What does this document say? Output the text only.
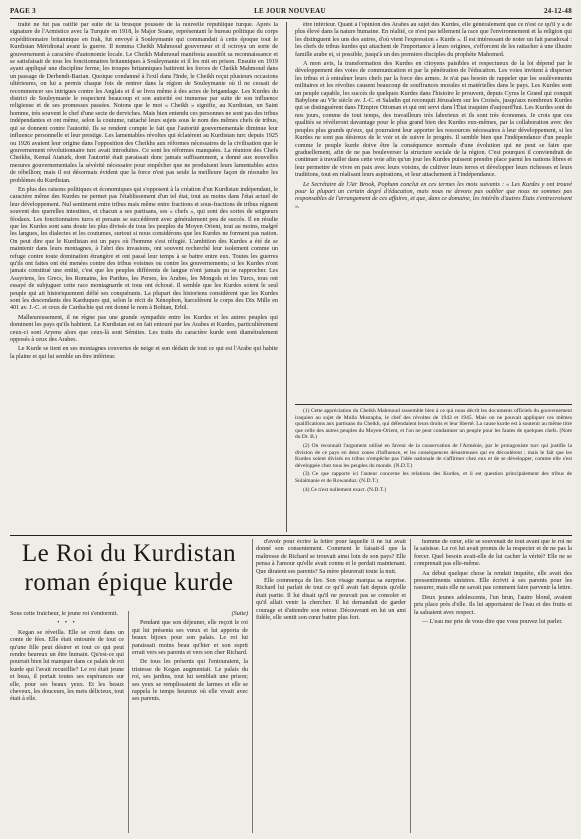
PAGE 3	LE JOUR NOUVEAU	24-12-48

traité ne fut pas ratifié par suite de la brusque poussée de la nouvelle république turque. Après la signature de l'Armistice avec la Turquie en 1918, le Major Soane, représentant le bureau politique du corps expéditionnaire britannique en Irak, fut envoyé à Souleymanie qui commandait à cette époque tout le Kurdistan Méridional avant la guerre. Il nomma Cheikh Mahmoud gouverneur et il octroya un sorte de gouvernement à caractère d'autonomie locale. Le Cheikh Mahmoud manifesta aussitôt sa reconnaissance et se satisfaisait de tous les fonctionnaires britanniques à Souleymanie et il les mit en prison. Ensuite en 1919 ayant appliqué une discipline ferme, les troupes britanniques battirent les forces de Cheikh Mahmoud dans un passage de Derbendi-Bazian. Quoique condamné à l'exil dans l'Inde, le Cheikh reçut plusieurs occasions ultérieures, on lui a permis chaque fois de rentrer dans la région de Souleymanie où il ne cessait de recommencer ses intrigues contre les Anglais et il se livra même à des actes de brigandage. Les Kurdes du district de Souleymanie le respectent beaucoup et son autorité est immense par suite de son influence religieuse et de ses promesses passées. Notons que le mot « Cheikh » signifie, au Kurdistan, un Saint homme, très souvent le chef d'une secte de derviches. Mais bien entendu ces personnes ne sont pas des tribus indépendantes et ont même, selon la coutume, rattaché leurs sujets sous le nom des mêmes chefs de tribus, qui se donnent contre l'autorité. Ils se rendent compte le fait que l'autorité gouvernementale diminue leur influence personnelle et leur prestige. Les lamentables révoltes qui éclatèrent au Kurdistan turc depuis 1925 ou 1926 avaient leur origine dans l'opposition des Cheikhs aux réformes nécessaires de la civilisation que le gouvernement révolutionnaire turc avait introduites. Ce sont les réformes manquées. La réunion des Chefs Cheikhs, Kemal Ataturk, dont l'autorité était paraissait donc jamais suffisamment, a donné aux nouvelles mesures gouvernementales la sévérité nécessaire pour empêcher que ne produisent leurs lamentables actes de rébellion; mais il est désormais évident que la force n'est pas seule la meilleure façon de résoudre les problèmes du Kurdistan.

En plus des raisons politiques et économiques qui s'opposent à la création d'un Kurdistan indépendant, le caractère même des Kurdes ne permet pas l'établissement d'un tel état, tout au moins dans l'état actuel de leur développement. Nul sentiment entre tribus mais même entre fractions et sous-fractions de tribus régnent souvent des querelles intestines, et chacun a ses partisans, ses « chefs », qui sont des sortes de seigneurs féodaux. Les fonctionnaires turcs et persans se succédèrent avec généralement peu de succès. Il en résulte que les Kurdes sont sans doute les plus divisés de tous les peuples du Moyen Orient, tout au moins, malgré les langues, les dialectes et les coutumes, surtout si nous considérons que les Kurdes ne forment pas nation. On peut dire que le Kurdistan est un pays où l'homme s'est réfugié. L'ambition des Kurdes a été de se maintenir dans leurs montagnes, à l'abri des invasions, ont souvent recherché leur isolement comme un refuge contre toute domination étrangère et ont passé leur temps à se battre entre eux. Toutes les guerres qu'ils ont faites ont été menées contre des tribus voisines ou contre les gouvernements; si les Kurdes n'ont jamais constitué une entité, c'est que les peuples différents de langue n'ont jamais pu se rapprocher. Les Assyriens, les Grecs, les Romains, les Parthes, les Perses, les Arabes, les Mongols et les Turcs, tous ont essayé de subjuguer cette race montagnarde et tous ont échoué. Il semble que les Kurdes soient le seul peuple qui ait historiquement défié ses conquérants. La plupart des historiens considèrent que les Kurdes sont les descendants des Karduques qui, selon le récit de Xénophon, harcelèrent le corps des Dix Mille en 401 av. J.-C. et ceux de Carduchie qui ont donné le nom à Bohtan, Erbil.

Malheureusement, il ne règne pas une grande sympathie entre les Kurdes et les autres peuples qui dominent les pays qu'ils habitent. Le Kurdistan est en fait entouré par les Arabes et Kurdes, particulièrement ceux-ci sont Aryens alors que ceux-là sont Sémites. Les traits du caractère kurde sont diamétralement opposés à ceux des Arabes.

Le Kurde se tient en ses montagnes couvertes de neige et son dédain de tout ce qui est l'Arabe qui habite la plaine et qui lui semble un être inférieur.

être inférieur. Quant à l'opinion des Arabes au sujet des Kurdes, elle généralement que ce n'est ce qu'il y a de plus élevé dans la nature humaine. En réalité, ce n'est pas tellement la race que l'environnement et la religion qui les distinguent les uns des autres, d'où vient l'expression « Kurde ». Il est intéressant de noter un fait paradoxal : les chefs de tribus kurdes qui attachent de l'importance à leurs origines, s'efforcent de les rattacher à une illustre famille arabe et, si possible, jusqu'à un des premiers disciples du prophète Mahomed.

A mon avis, la transformation des Kurdes en citoyens paisibles et respectueux de la loi dépend par le développement des voies de communication et par la pénétration de l'éducation. Les voies invitent à disperser les tribus et à entraîner leurs chefs par la force des armes. Je n'ai pas besoin de rappeler que les soulèvements militaires et les révoltes causent beaucoup de souffrances morales et matérielles dans le pays. Les Kurdes sont un peuple capable, les succès de quelques Kurdes dans l'histoire le prouvent, depuis Cyrus le Grand qui conquit Babylone au VIe siècle av. J.-C. et Saladin qui reconquit Jérusalem sur les Croisés, jusqu'aux nombreux Kurdes qui se distinguèrent dans l'Empire Ottoman et qui ont servi dans l'État iraquien d'aujourd'hui. Les Kurdes sont de nos jours, comme de tout temps, des travailleurs très laborieux et ils sont très économes. Je crois que ces qualités se révèleront davantage pour le plus grand bien des Kurdes eux-mêmes, par la collaboration avec des peuples plus grands qu'eux, qui pourraient leur apporter les ressources nécessaires à leur développement, si les Kurdes ne sont pas désireux de le voir et de suivre le progrès. Il semble bien que l'indépendance d'un peuple comme le peuple kurde doive être la conséquence normale d'une évolution qui ne peut se faire que graduellement, afin de ne pas bouleverser la structure sociale de la région. C'est pourquoi il conviendrait de continuer à travailler dans cette voie afin qu'un jour les Kurdes puissent prendre place parmi les nations libres et leur permettre de vivre en paix avec leurs voisins, de cultiver leurs terres et développer leurs richesses et leurs traditions, tout en réalisant leurs aspirations, et leur attachement à l'indépendance.

Le Secrétaire de l'Air Brook, Popham conclut en ces termes les mots suivants : « Les Kurdes y ont trouvé pour la plupart un certain degré d'éducation, mais nous ne devons pas oublier que nous ne sommes pas responsables de l'arrangement de ces affaires, et que, dans ce domaine, les intérêts d'autres États s'entrecroisent ».

(1) Cette appréciation du Cheikh Mahmoud rassemble bien à ce qui nous décrit les documents officiels du gouvernement iraquien au sujet de Mulla Mustapha, le chef des révoltes de 1943 et 1945. Mais on ne pouvait appliquer ces mêmes qualifications aux partisans du Cheikh, qui défendaient leurs droits et leur liberté. La cause kurde est à soutenir au même titre que celle des autres peuples du Moyen-Orient, et l'on ne peut condamner un peuple pour les fautes de quelques chefs. (Note du Dr. B.)

(2) On reconnaît l'argument utilisé en faveur de la conservation de l'Arménie, par le protagoniste turc qui justifie la division de ce pays en deux zones d'influence, et les conséquences désastreuses qui en découlèrent ; mais le fait que les Kurdes soient divisés en tribus n'empêche pas l'idée nationale de s'affirmer chez eux et de se développer, comme elle s'est développée chez tous les peuples du monde. (N.D.T.)

(3) Ce que rapporte ici l'auteur concerne les relations des Kurdes, et il est question principalement des tribus de Sulaimanie et de Rowanduz. (N.D.T.)

(4) Ce n'est nullement exact. (N.D.T.)

Le Roi du Kurdistan
roman épique kurde

Sous cette fraîcheur, le jeune roi s'endormit.

• • •

Kegan se réveilla. Elle se croit dans un conte de fées. Elle était entourée de tout ce qu'une fille peut désirer et tout ce qui peut rendre heureux un être humain. Qu'est-ce qui pourrait bien lui manquer dans ce palais de roi kurde qui l'avait recueillie? Le roi était jeune et beau, il portait toutes ses espérances sur elle, pour ses beaux yeux. Et les beaux cheveux, les douceurs, les mets délicieux, tout était à elle.

(Suite)

Pendant que son déjeuner, elle reçoit le roi qui lui présenta ses vœux et lui apporta de beaux bijoux pour son palais. Le roi lui paraissait moins beau qu'hier et son esprit errait vers ses parents et vers son cher Richard.

De tous les présents qui l'entouraient, la tristesse de Kegan augmentait. Le palais du roi, ses jardins, tout lui semblait une prison; ses yeux se remplissaient de larmes et elle se rappela le temps heureux où elle vivait avec ses parents.

d'avoir pour écrire la lettre pour laquelle il ne lui avait donné son consentement. Comment le faisait-il que la maîtresse de Richard se trouvait ainsi loin de son pays? Elle pensa à l'amour qu'elle avait connu et le perdait maintenant. Que diraient ses parents? Sa mère pleurerait toute la nuit.

Elle commença de lire. Son visage marqua sa surprise. Richard lui parlait de tout ce qu'il avait fait depuis qu'elle était partie. Il lui disait qu'il ne pouvait pas se consoler et qu'il allait venir la chercher. Il lui demandait de garder courage et d'attendre son retour. Découvrant en lui un ami fidèle, elle sentit son cœur battre plus fort.

homme de cœur, elle se souvenait de tout avant que le roi ne la saisisse. Le roi lui avait promis de la respecter et de ne pas la forcer. Quel besoin avait-elle de lui cacher la vérité? Elle ne se comprenait pas elle-même.

Au début quelque chose la rendait inquiète, elle avait des pressentiments sinistres. Elle écrivit à ses parents pour les rassurer, mais elle ne savait pas comment faire parvenir la lettre.

Deux jeunes adolescents, l'un brun, l'autre blond, avaient pris place près d'elle. Ils lui apportaient de l'eau et des fruits et la saluaient avec respect.

— L'eau me prie de vous dire que vous pouvez lui parler.
